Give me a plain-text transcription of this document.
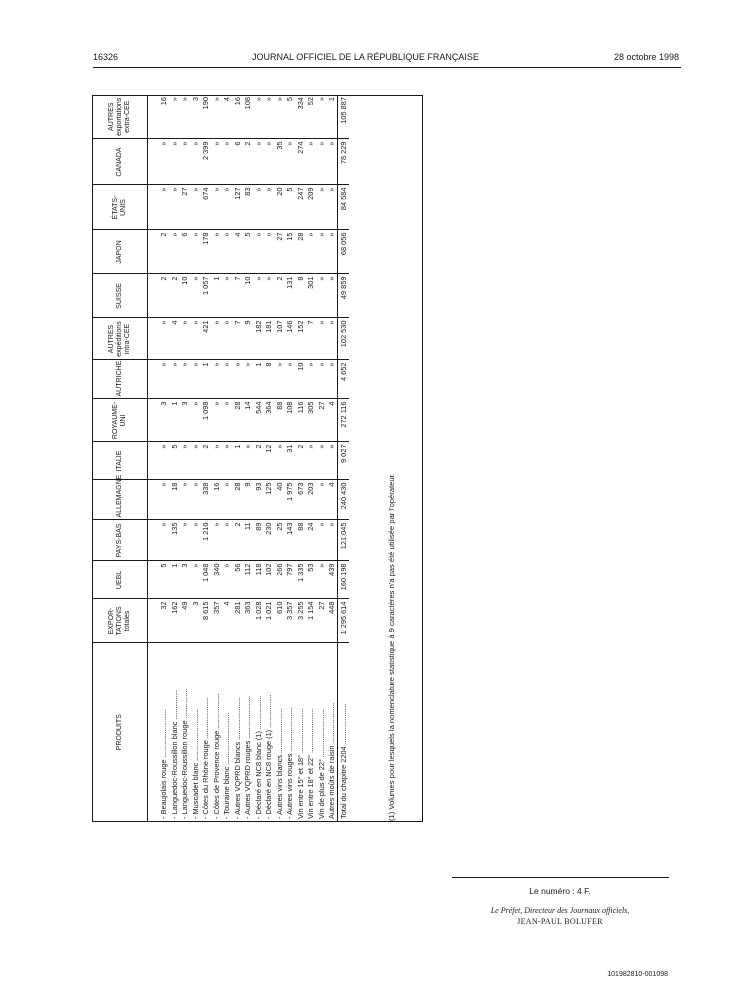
16326	JOURNAL OFFICIEL DE LA RÉPUBLIQUE FRANÇAISE	28 octobre 1998
PRODUITS	EXPOR-TATIONS totales	UEBL	PAYS-BAS	ALLEMAGNE	ITALIE	ROYAUME-UNI	AUTRICHE	AUTRES expéditions intra-CEE	SUISSE	JAPON	ÉTATS-UNIS	CANADA	AUTRES exportations extra-CEE

- Beaujolais rouge ..........................	32	5	»	»	»	3	»	»	2	2	»	»	16
- Languedoc-Roussillon blanc ................	162	1	135	18	5	1	»	4	2	»	»	»	»
- Languedoc-Roussillon rouge ................	49	3	»	»	»	3	»	»	10	6	27	»	»
- Muscadet blanc ............................	3	»	»	»	»	»	»	»	»	»	»	»	3
- Côtes du Rhône rouge ......................	8 615	1 048	1 210	338	2	1 098	1	421	1 057	178	674	2 399	190
- Côtes de Provence rouge ...................	357	340	»	16	»	»	»	»	1	»	»	»	»
- Touraine blanc ............................	4	»	»	»	»	»	»	»	»	»	»	»	4
- Autres VQPRD blancs .......................	281	56	2	28	1	28	»	7	7	4	127	6	16
- Autres VQPRD rouges .......................	363	112	11	9	»	14	»	9	10	5	83	2	108
- Déclaré en NC8 blanc (1) ..................	1 028	118	89	93	2	544	1	182	»	»	»	»	»
- Déclaré en NC8 rouge (1) ..................	1 021	102	230	125	12	364	8	181	»	»	»	»	»
- Autres vins blancs ........................	610	266	25	40	»	88	»	107	2	27	20	35	»
- Autres vins rouges ........................	3 357	797	143	1 975	31	108	»	146	131	15	5	»	5
Vin entre 15° et 18° ........................	3 255	1 335	88	673	2	116	10	152	8	28	247	274	334
Vin entre 18° et 22° ........................	1 154	53	24	203	»	305	»	7	301	»	209	»	52
Vin de plus de 22° ..........................	27	»	»	»	»	27	»	»	»	»	»	»	»
Autres moûts de raisin ......................	448	439	»	4	»	4	»	»	»	»	»	»	1
Total du chapitre 2204 ......................	1 295 614	160 198	121 045	240 430	9 027	272 116	4 652	102 530	49 859	68 056	84 584	78 229	105 887
(1) Volumes pour lesquels la nomenclature statistique à 9 caractères n'a pas été utilisée par l'opérateur.
Le numéro : 4 F.
Le Préfet, Directeur des Journaux officiels,
JEAN-PAUL BOLUFER
101982810-001098
